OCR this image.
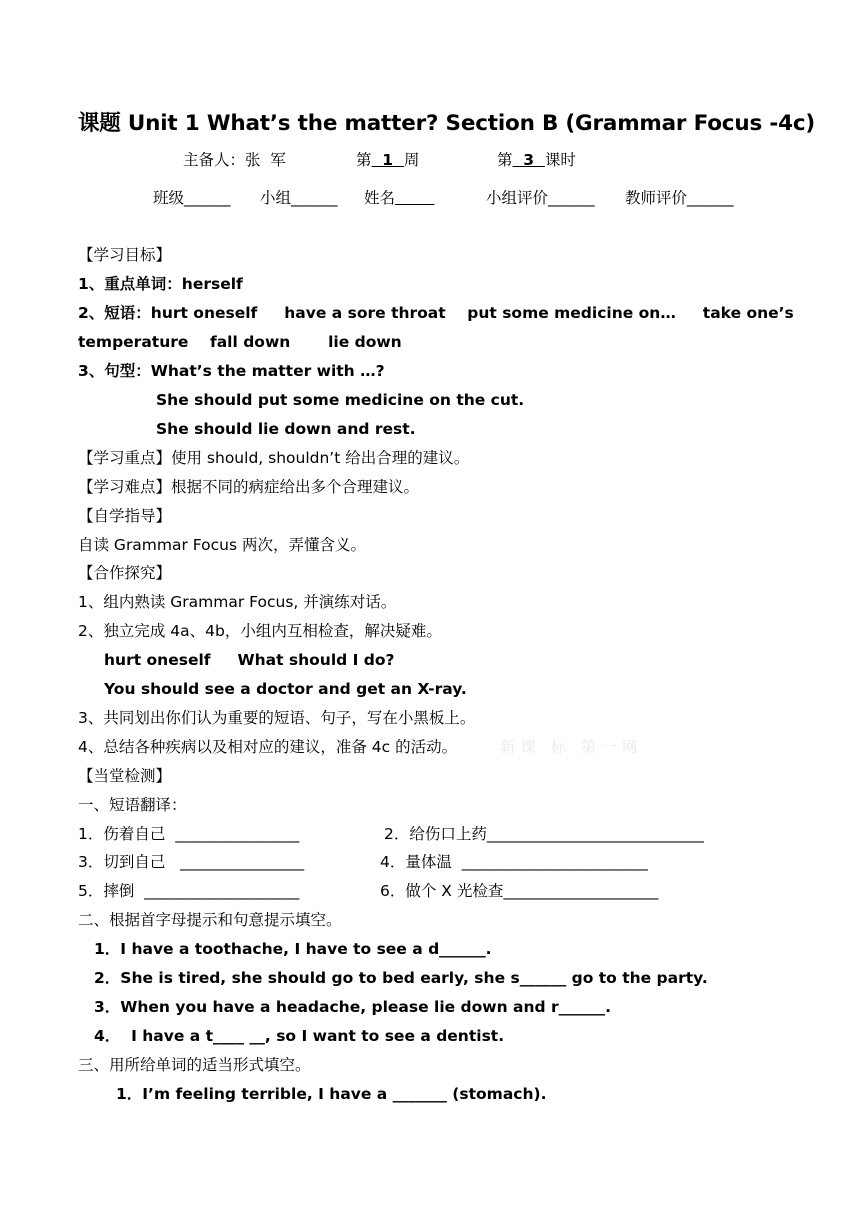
课题 Unit 1 What’s the matter? Section B (Grammar Focus -4c)
主备人：张  军	第  1  周	第  3  课时
班级______ 小组______ 姓名	小组评价______ 教师评价______
【学习目标】
1、重点单词：herself
2、短语：hurt oneself     have a sore throat    put some medicine on…     take one’s
temperature    fall down       lie down
3、句型：What’s the matter with …?
She should put some medicine on the cut.
She should lie down and rest.
【学习重点】使用 should, shouldn’t 给出合理的建议。
【学习难点】根据不同的病症给出多个合理建议。
【自学指导】
自读 Grammar Focus 两次，弄懂含义。
【合作探究】
1、组内熟读 Grammar Focus, 并演练对话。
2、独立完成 4a、4b，小组内互相检查，解决疑难。
hurt oneself     What should I do?
You should see a doctor and get an X-ray.
3、共同划出你们认为重要的短语、句子，写在小黑板上。
4、总结各种疾病以及相对应的建议，准备 4c 的活动。	新 课   标   第 一 网
【当堂检测】
一、短语翻译：
1．伤着自己  ________________	2．给伤口上药____________________________
3．切到自己   ________________	4．量体温  ________________________
5．摔倒  ____________________	6．做个 X 光检查____________________
二、根据首字母提示和句意提示填空。
1．I have a toothache, I have to see a d______.
2．She is tired, she should go to bed early, she s______ go to the party.
3．When you have a headache, please lie down and r______.
4．  I have a t____ __, so I want to see a dentist.
三、用所给单词的适当形式填空。
1．I’m feeling terrible, I have a _______ (stomach).
